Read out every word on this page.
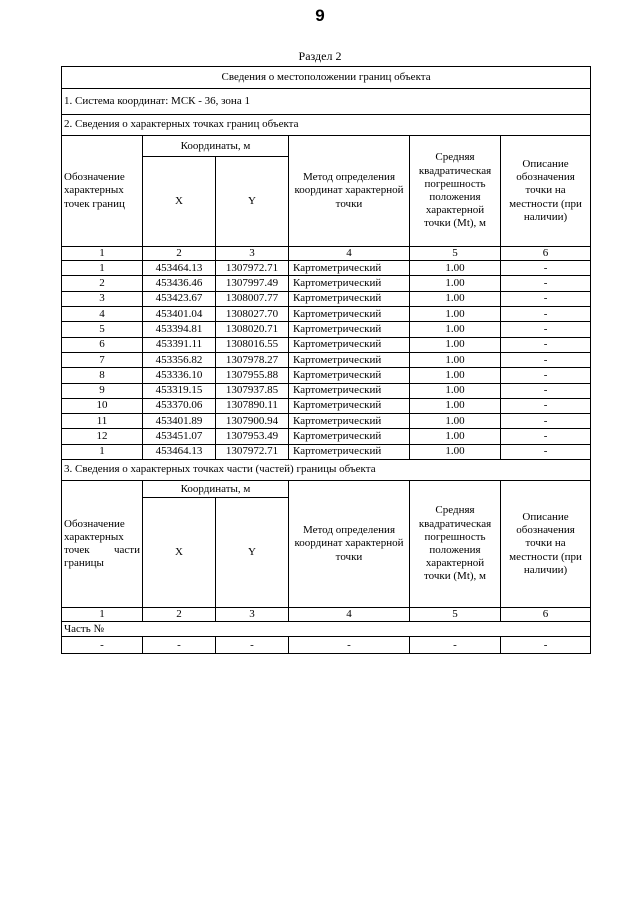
9
Раздел 2
Сведения о местоположении границ объекта					
1. Система координат: МСК - 36, зона 1					
2. Сведения о характерных точках границ объекта					
Обозначение характерных точек границ	Координаты, м		Метод определения координат характерной точки	Средняя квадратическая погрешность положения характерной точки (Mt), м	Описание обозначения точки на местности (при наличии)
	X	Y			
1	2	3	4	5	6
1	453464.13	1307972.71	Картометрический	1.00	-
2	453436.46	1307997.49	Картометрический	1.00	-
3	453423.67	1308007.77	Картометрический	1.00	-
4	453401.04	1308027.70	Картометрический	1.00	-
5	453394.81	1308020.71	Картометрический	1.00	-
6	453391.11	1308016.55	Картометрический	1.00	-
7	453356.82	1307978.27	Картометрический	1.00	-
8	453336.10	1307955.88	Картометрический	1.00	-
9	453319.15	1307937.85	Картометрический	1.00	-
10	453370.06	1307890.11	Картометрический	1.00	-
11	453401.89	1307900.94	Картометрический	1.00	-
12	453451.07	1307953.49	Картометрический	1.00	-
1	453464.13	1307972.71	Картометрический	1.00	-
3. Сведения о характерных точках части (частей) границы объекта					
Обозначение характерных точек части границы	Координаты, м		Метод определения координат характерной точки	Средняя квадратическая погрешность положения характерной точки (Mt), м	Описание обозначения точки на местности (при наличии)
	X	Y			
1	2	3	4	5	6
Часть №					
-	-	-	-	-	-
